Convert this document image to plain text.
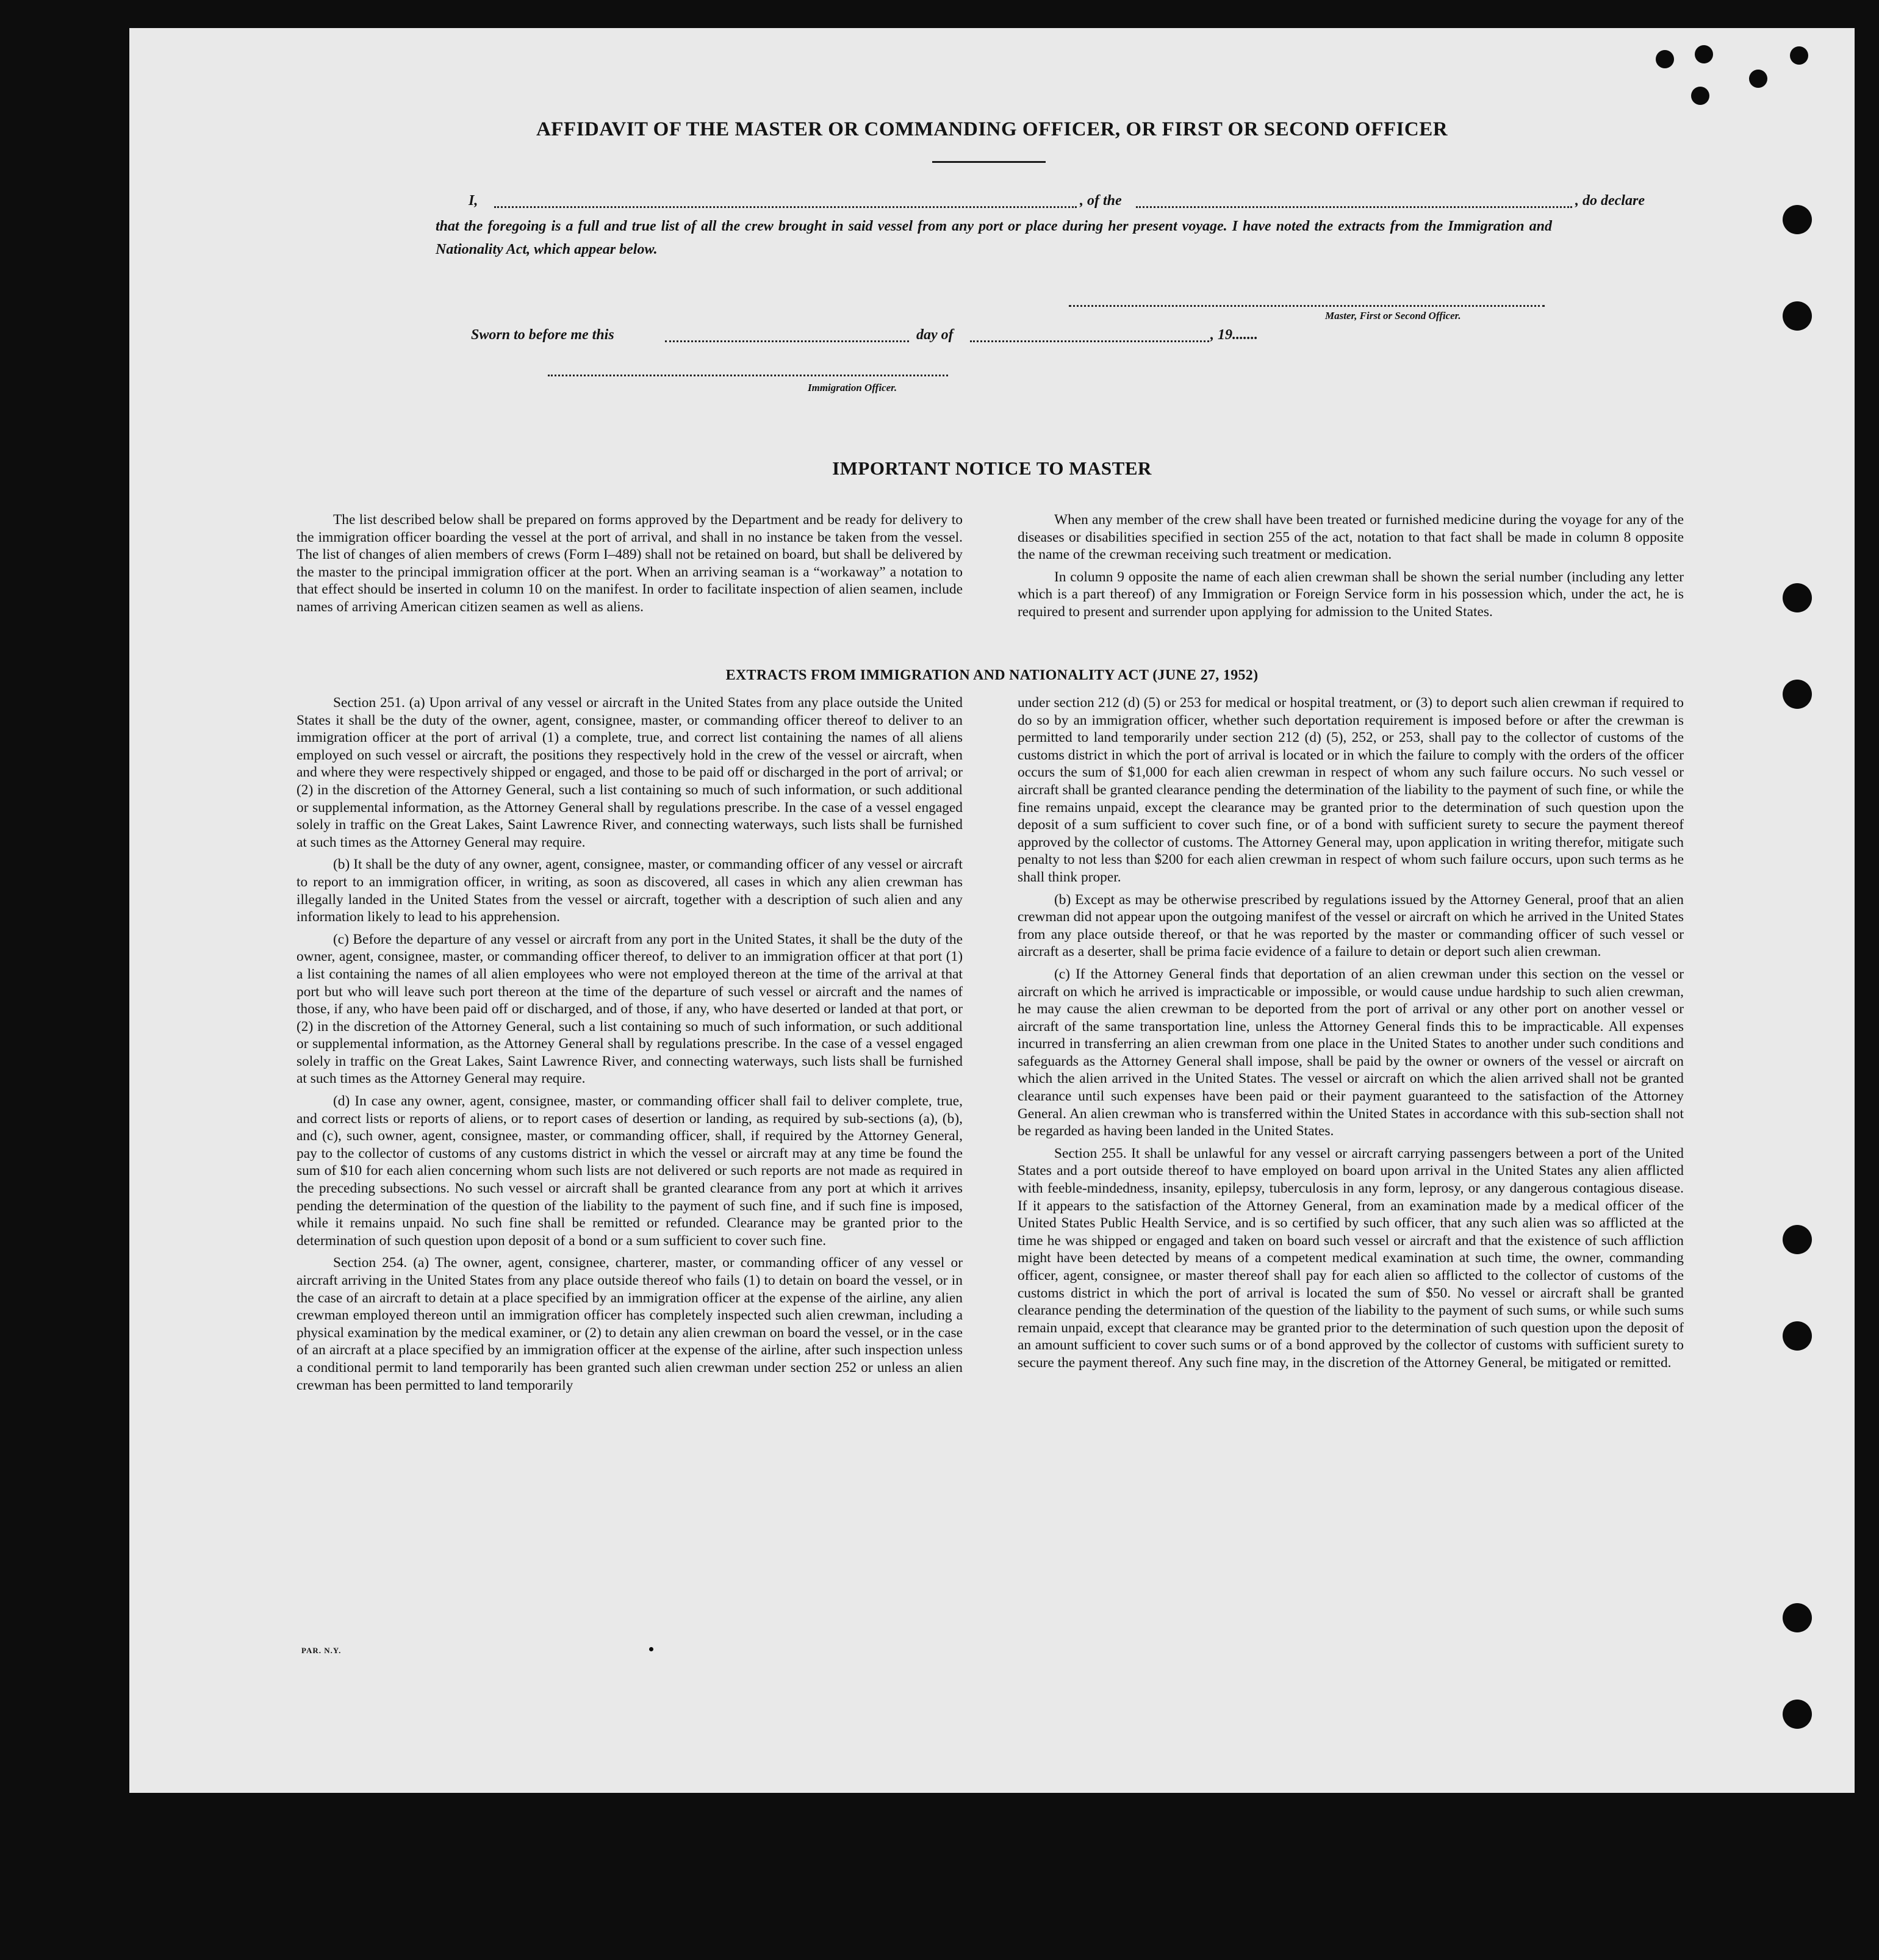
AFFIDAVIT OF THE MASTER OR COMMANDING OFFICER, OR FIRST OR SECOND OFFICER
I,	, of the	, do declare
that the foregoing is a full and true list of all the crew brought in said vessel from any port or place during her present voyage. I have noted the extracts from the Immigration and Nationality Act, which appear below.
Master, First or Second Officer.
Sworn to before me this	day of	, 19.......
Immigration Officer.
IMPORTANT NOTICE TO MASTER

The list described below shall be prepared on forms approved by the Department and be ready for delivery to the immigration officer boarding the vessel at the port of arrival, and shall in no instance be taken from the vessel. The list of changes of alien members of crews (Form I–489) shall not be retained on board, but shall be delivered by the master to the principal immigration officer at the port. When an arriving seaman is a “workaway” a notation to that effect should be inserted in column 10 on the manifest. In order to facilitate inspection of alien seamen, include names of arriving American citizen seamen as well as aliens.

When any member of the crew shall have been treated or furnished medicine during the voyage for any of the diseases or disabilities specified in section 255 of the act, notation to that fact shall be made in column 8 opposite the name of the crewman receiving such treatment or medication.

In column 9 opposite the name of each alien crewman shall be shown the serial number (including any letter which is a part thereof) of any Immigration or Foreign Service form in his possession which, under the act, he is required to present and surrender upon applying for admission to the United States.

EXTRACTS FROM IMMIGRATION AND NATIONALITY ACT (JUNE 27, 1952)

Section 251. (a) Upon arrival of any vessel or aircraft in the United States from any place outside the United States it shall be the duty of the owner, agent, consignee, master, or commanding officer thereof to deliver to an immigration officer at the port of arrival (1) a complete, true, and correct list containing the names of all aliens employed on such vessel or aircraft, the positions they respectively hold in the crew of the vessel or aircraft, when and where they were respectively shipped or engaged, and those to be paid off or discharged in the port of arrival; or (2) in the discretion of the Attorney General, such a list containing so much of such information, or such additional or supplemental information, as the Attorney General shall by regulations prescribe. In the case of a vessel engaged solely in traffic on the Great Lakes, Saint Lawrence River, and connecting waterways, such lists shall be furnished at such times as the Attorney General may require.

(b) It shall be the duty of any owner, agent, consignee, master, or commanding officer of any vessel or aircraft to report to an immigration officer, in writing, as soon as discovered, all cases in which any alien crewman has illegally landed in the United States from the vessel or aircraft, together with a description of such alien and any information likely to lead to his apprehension.

(c) Before the departure of any vessel or aircraft from any port in the United States, it shall be the duty of the owner, agent, consignee, master, or commanding officer thereof, to deliver to an immigration officer at that port (1) a list containing the names of all alien employees who were not employed thereon at the time of the arrival at that port but who will leave such port thereon at the time of the departure of such vessel or aircraft and the names of those, if any, who have been paid off or discharged, and of those, if any, who have deserted or landed at that port, or (2) in the discretion of the Attorney General, such a list containing so much of such information, or such additional or supplemental information, as the Attorney General shall by regulations prescribe. In the case of a vessel engaged solely in traffic on the Great Lakes, Saint Lawrence River, and connecting waterways, such lists shall be furnished at such times as the Attorney General may require.

(d) In case any owner, agent, consignee, master, or commanding officer shall fail to deliver complete, true, and correct lists or reports of aliens, or to report cases of desertion or landing, as required by sub-sections (a), (b), and (c), such owner, agent, consignee, master, or commanding officer, shall, if required by the Attorney General, pay to the collector of customs of any customs district in which the vessel or aircraft may at any time be found the sum of $10 for each alien concerning whom such lists are not delivered or such reports are not made as required in the preceding subsections. No such vessel or aircraft shall be granted clearance from any port at which it arrives pending the determination of the question of the liability to the payment of such fine, and if such fine is imposed, while it remains unpaid. No such fine shall be remitted or refunded. Clearance may be granted prior to the determination of such question upon deposit of a bond or a sum sufficient to cover such fine.

Section 254. (a) The owner, agent, consignee, charterer, master, or commanding officer of any vessel or aircraft arriving in the United States from any place outside thereof who fails (1) to detain on board the vessel, or in the case of an aircraft to detain at a place specified by an immigration officer at the expense of the airline, any alien crewman employed thereon until an immigration officer has completely inspected such alien crewman, including a physical examination by the medical examiner, or (2) to detain any alien crewman on board the vessel, or in the case of an aircraft at a place specified by an immigration officer at the expense of the airline, after such inspection unless a conditional permit to land temporarily has been granted such alien crewman under section 252 or unless an alien crewman has been permitted to land temporarily

under section 212 (d) (5) or 253 for medical or hospital treatment, or (3) to deport such alien crewman if required to do so by an immigration officer, whether such deportation requirement is imposed before or after the crewman is permitted to land temporarily under section 212 (d) (5), 252, or 253, shall pay to the collector of customs of the customs district in which the port of arrival is located or in which the failure to comply with the orders of the officer occurs the sum of $1,000 for each alien crewman in respect of whom any such failure occurs. No such vessel or aircraft shall be granted clearance pending the determination of the liability to the payment of such fine, or while the fine remains unpaid, except the clearance may be granted prior to the determination of such question upon the deposit of a sum sufficient to cover such fine, or of a bond with sufficient surety to secure the payment thereof approved by the collector of customs. The Attorney General may, upon application in writing therefor, mitigate such penalty to not less than $200 for each alien crewman in respect of whom such failure occurs, upon such terms as he shall think proper.

(b) Except as may be otherwise prescribed by regulations issued by the Attorney General, proof that an alien crewman did not appear upon the outgoing manifest of the vessel or aircraft on which he arrived in the United States from any place outside thereof, or that he was reported by the master or commanding officer of such vessel or aircraft as a deserter, shall be prima facie evidence of a failure to detain or deport such alien crewman.

(c) If the Attorney General finds that deportation of an alien crewman under this section on the vessel or aircraft on which he arrived is impracticable or impossible, or would cause undue hardship to such alien crewman, he may cause the alien crewman to be deported from the port of arrival or any other port on another vessel or aircraft of the same transportation line, unless the Attorney General finds this to be impracticable. All expenses incurred in transferring an alien crewman from one place in the United States to another under such conditions and safeguards as the Attorney General shall impose, shall be paid by the owner or owners of the vessel or aircraft on which the alien arrived in the United States. The vessel or aircraft on which the alien arrived shall not be granted clearance until such expenses have been paid or their payment guaranteed to the satisfaction of the Attorney General. An alien crewman who is transferred within the United States in accordance with this sub-section shall not be regarded as having been landed in the United States.

Section 255. It shall be unlawful for any vessel or aircraft carrying passengers between a port of the United States and a port outside thereof to have employed on board upon arrival in the United States any alien afflicted with feeble-mindedness, insanity, epilepsy, tuberculosis in any form, leprosy, or any dangerous contagious disease. If it appears to the satisfaction of the Attorney General, from an examination made by a medical officer of the United States Public Health Service, and is so certified by such officer, that any such alien was so afflicted at the time he was shipped or engaged and taken on board such vessel or aircraft and that the existence of such affliction might have been detected by means of a competent medical examination at such time, the owner, commanding officer, agent, consignee, or master thereof shall pay for each alien so afflicted to the collector of customs of the customs district in which the port of arrival is located the sum of $50. No vessel or aircraft shall be granted clearance pending the determination of the question of the liability to the payment of such sums, or while such sums remain unpaid, except that clearance may be granted prior to the determination of such question upon the deposit of an amount sufficient to cover such sums or of a bond approved by the collector of customs with sufficient surety to secure the payment thereof. Any such fine may, in the discretion of the Attorney General, be mitigated or remitted.

PAR. N.Y.
